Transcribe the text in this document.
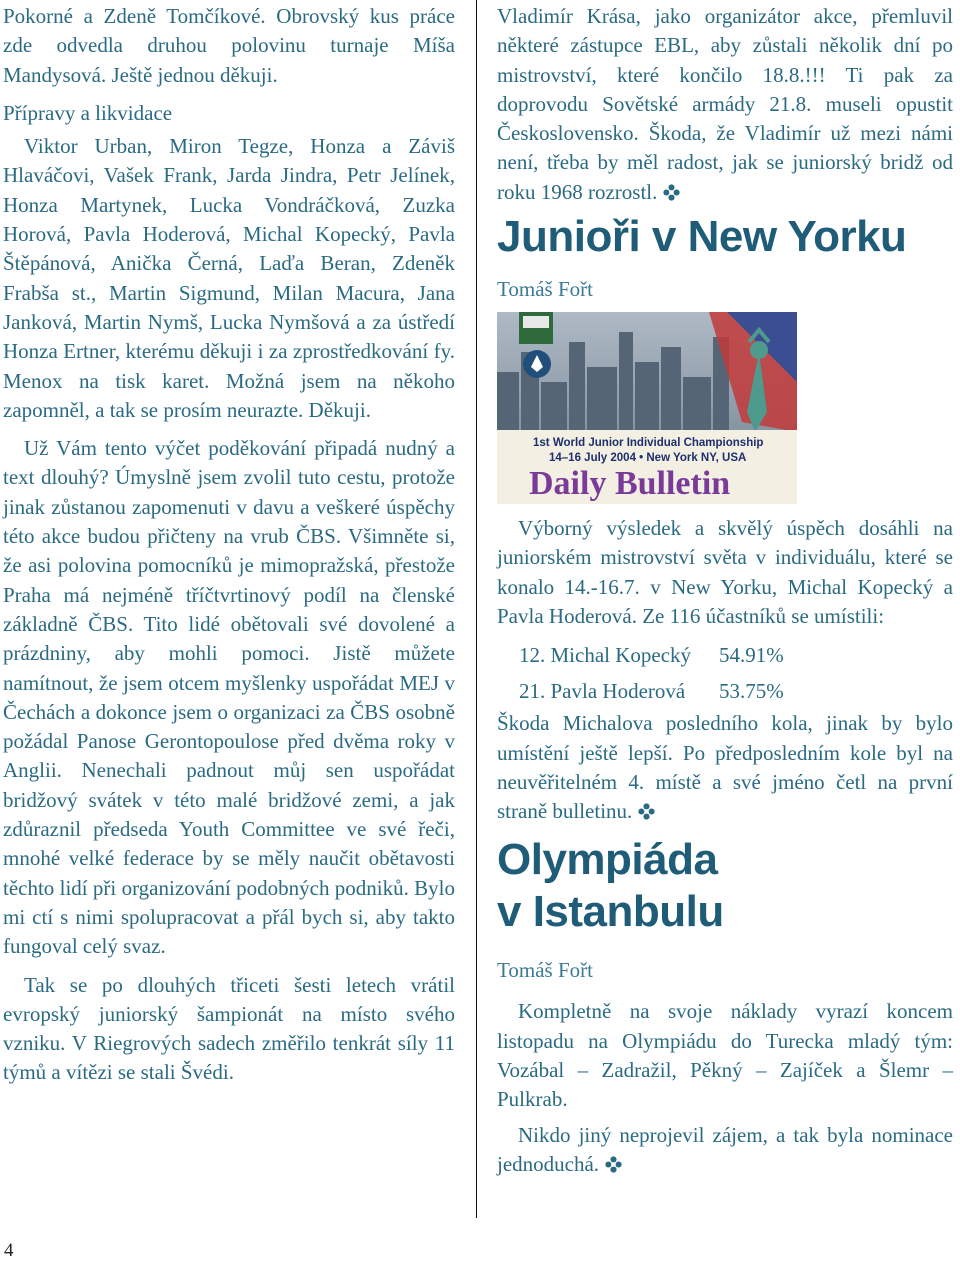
Pokorné a Zdeně Tomčíkové. Obrovský kus práce zde odvedla druhou polovinu turnaje Míša Mandysová. Ještě jednou děkuji.

Přípravy a likvidace

Viktor Urban, Miron Tegze, Honza a Záviš Hlaváčovi, Vašek Frank, Jarda Jindra, Petr Jelínek, Honza Martynek, Lucka Vondráčková, Zuzka Horová, Pavla Hoderová, Michal Kopecký, Pavla Štěpánová, Anička Černá, Laďa Beran, Zdeněk Frabša st., Martin Sigmund, Milan Macura, Jana Janková, Martin Nymš, Lucka Nymšová a za ústředí Honza Ertner, kterému děkuji i za zprostředkování fy. Menox na tisk karet. Možná jsem na někoho zapomněl, a tak se prosím neurazte. Děkuji.

Už Vám tento výčet poděkování připadá nudný a text dlouhý? Úmyslně jsem zvolil tuto cestu, protože jinak zůstanou zapomenuti v davu a veškeré úspěchy této akce budou přičteny na vrub ČBS. Všimněte si, že asi polovina pomocníků je mimopražská, přestože Praha má nejméně tříčtvrtinový podíl na členské základně ČBS. Tito lidé obětovali své dovolené a prázdniny, aby mohli pomoci. Jistě můžete namítnout, že jsem otcem myšlenky uspořádat MEJ v Čechách a dokonce jsem o organizaci za ČBS osobně požádal Panose Gerontopoulose před dvěma roky v Anglii. Nenechali padnout můj sen uspořádat bridžový svátek v této malé bridžové zemi, a jak zdůraznil předseda Youth Committee ve své řeči, mnohé velké federace by se měly naučit obětavosti těchto lidí při organizování podobných podniků. Bylo mi ctí s nimi spolupracovat a přál bych si, aby takto fungoval celý svaz.

Tak se po dlouhých třiceti šesti letech vrátil evropský juniorský šampionát na místo svého vzniku. V Riegrových sadech změřilo tenkrát síly 11 týmů a vítězi se stali Švédi.

Vladimír Krása, jako organizátor akce, přemluvil některé zástupce EBL, aby zůstali několik dní po mistrovství, které končilo 18.8.!!! Ti pak za doprovodu Sovětské armády 21.8. museli opustit Československo. Škoda, že Vladimír už mezi námi není, třeba by měl radost, jak se juniorský bridž od roku 1968 rozrostl.

Junioři v New Yorku
Tomáš Fořt
1st World Junior Individual Championship
14–16 July 2004 • New York NY, USA
Daily Bulletin

Výborný výsledek a skvělý úspěch dosáhli na juniorském mistrovství světa v individuálu, které se konalo 14.-16.7. v New Yorku, Michal Kopecký a Pavla Hoderová. Ze 116 účastníků se umístili:

12. Michal Kopecký	54.91%
21. Pavla Hoderová	53.75%

Škoda Michalova posledního kola, jinak by bylo umístění ještě lepší. Po předposledním kole byl na neuvěřitelném 4. místě a své jméno četl na první straně bulletinu.

Olympiáda
v Istanbulu
Tomáš Fořt

Kompletně na svoje náklady vyrazí koncem listopadu na Olympiádu do Turecka mladý tým: Vozábal – Zadražil, Pěkný – Zajíček a Šlemr – Pulkrab.

Nikdo jiný neprojevil zájem, a tak byla nominace jednoduchá.

4
